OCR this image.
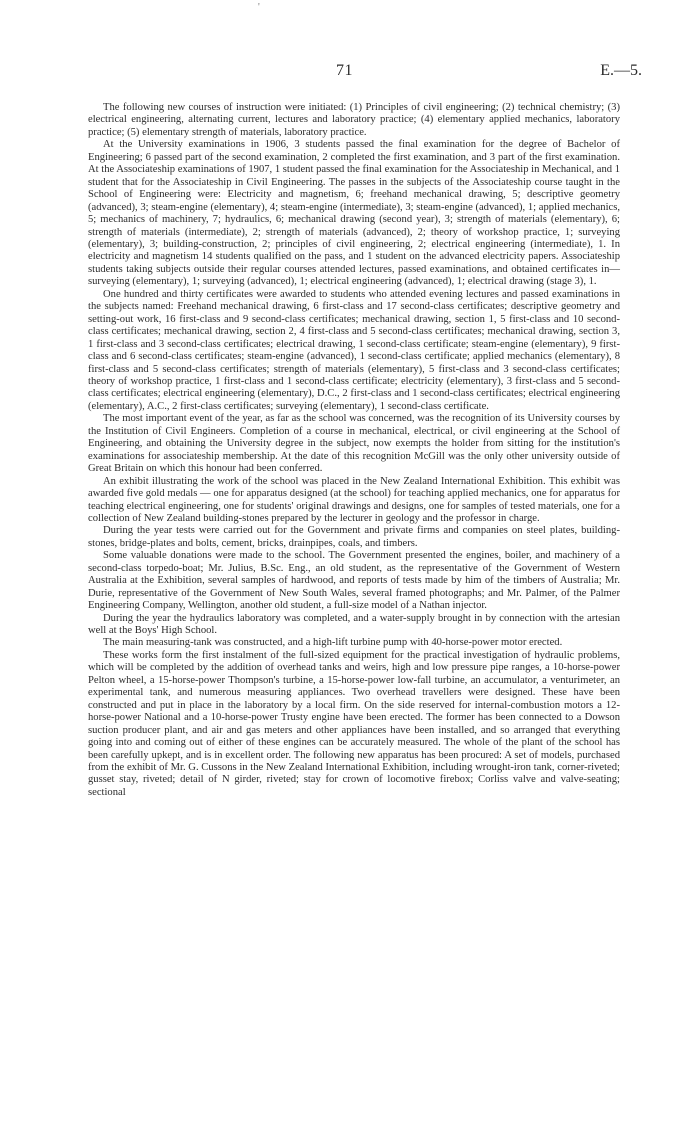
'
71	E.—5.

The following new courses of instruction were initiated: (1) Principles of civil engineering; (2) technical chemistry; (3) electrical engineering, alternating current, lectures and laboratory practice; (4) elementary applied mechanics, laboratory practice; (5) elementary strength of materials, laboratory practice.

At the University examinations in 1906, 3 students passed the final examination for the degree of Bachelor of Engineering; 6 passed part of the second examination, 2 completed the first examination, and 3 part of the first examination. At the Associateship examinations of 1907, 1 student passed the final examination for the Associateship in Mechanical, and 1 student that for the Associateship in Civil Engineering. The passes in the subjects of the Associateship course taught in the School of Engineering were: Electricity and magnetism, 6; freehand mechanical drawing, 5; descriptive geometry (advanced), 3; steam-engine (elementary), 4; steam-engine (intermediate), 3; steam-engine (advanced), 1; applied mechanics, 5; mechanics of machinery, 7; hydraulics, 6; mechanical drawing (second year), 3; strength of materials (elementary), 6; strength of materials (intermediate), 2; strength of materials (advanced), 2; theory of workshop practice, 1; surveying (elementary), 3; building-construction, 2; principles of civil engineering, 2; electrical engineering (intermediate), 1. In electricity and magnetism 14 students qualified on the pass, and 1 student on the advanced electricity papers. Associateship students taking subjects outside their regular courses attended lectures, passed examinations, and obtained certificates in—surveying (elementary), 1; surveying (advanced), 1; electrical engineering (advanced), 1; electrical drawing (stage 3), 1.

One hundred and thirty certificates were awarded to students who attended evening lectures and passed examinations in the subjects named: Freehand mechanical drawing, 6 first-class and 17 second-class certificates; descriptive geometry and setting-out work, 16 first-class and 9 second-class certificates; mechanical drawing, section 1, 5 first-class and 10 second-class certificates; mechanical drawing, section 2, 4 first-class and 5 second-class certificates; mechanical drawing, section 3, 1 first-class and 3 second-class certificates; electrical drawing, 1 second-class certificate; steam-engine (elementary), 9 first-class and 6 second-class certificates; steam-engine (advanced), 1 second-class certificate; applied mechanics (elementary), 8 first-class and 5 second-class certificates; strength of materials (elementary), 5 first-class and 3 second-class certificates; theory of workshop practice, 1 first-class and 1 second-class certificate; electricity (elementary), 3 first-class and 5 second-class certificates; electrical engineering (elementary), D.C., 2 first-class and 1 second-class certificates; electrical engineering (elementary), A.C., 2 first-class certificates; surveying (elementary), 1 second-class certificate.

The most important event of the year, as far as the school was concerned, was the recognition of its University courses by the Institution of Civil Engineers. Completion of a course in mechanical, electrical, or civil engineering at the School of Engineering, and obtaining the University degree in the subject, now exempts the holder from sitting for the institution's examinations for associateship membership. At the date of this recognition McGill was the only other university outside of Great Britain on which this honour had been conferred.

An exhibit illustrating the work of the school was placed in the New Zealand International Exhibition. This exhibit was awarded five gold medals — one for apparatus designed (at the school) for teaching applied mechanics, one for apparatus for teaching electrical engineering, one for students' original drawings and designs, one for samples of tested materials, one for a collection of New Zealand building-stones prepared by the lecturer in geology and the professor in charge.

During the year tests were carried out for the Government and private firms and companies on steel plates, building-stones, bridge-plates and bolts, cement, bricks, drainpipes, coals, and timbers.

Some valuable donations were made to the school. The Government presented the engines, boiler, and machinery of a second-class torpedo-boat; Mr. Julius, B.Sc. Eng., an old student, as the representative of the Government of Western Australia at the Exhibition, several samples of hardwood, and reports of tests made by him of the timbers of Australia; Mr. Durie, representative of the Government of New South Wales, several framed photographs; and Mr. Palmer, of the Palmer Engineering Company, Wellington, another old student, a full-size model of a Nathan injector.

During the year the hydraulics laboratory was completed, and a water-supply brought in by connection with the artesian well at the Boys' High School.

The main measuring-tank was constructed, and a high-lift turbine pump with 40-horse-power motor erected.

These works form the first instalment of the full-sized equipment for the practical investigation of hydraulic problems, which will be completed by the addition of overhead tanks and weirs, high and low pressure pipe ranges, a 10-horse-power Pelton wheel, a 15-horse-power Thompson's turbine, a 15-horse-power low-fall turbine, an accumulator, a venturimeter, an experimental tank, and numerous measuring appliances. Two overhead travellers were designed. These have been constructed and put in place in the laboratory by a local firm. On the side reserved for internal-combustion motors a 12-horse-power National and a 10-horse-power Trusty engine have been erected. The former has been connected to a Dowson suction producer plant, and air and gas meters and other appliances have been installed, and so arranged that everything going into and coming out of either of these engines can be accurately measured. The whole of the plant of the school has been carefully upkept, and is in excellent order. The following new apparatus has been procured: A set of models, purchased from the exhibit of Mr. G. Cussons in the New Zealand International Exhibition, including wrought-iron tank, corner-riveted; gusset stay, riveted; detail of N girder, riveted; stay for crown of locomotive firebox; Corliss valve and valve-seating; sectional
